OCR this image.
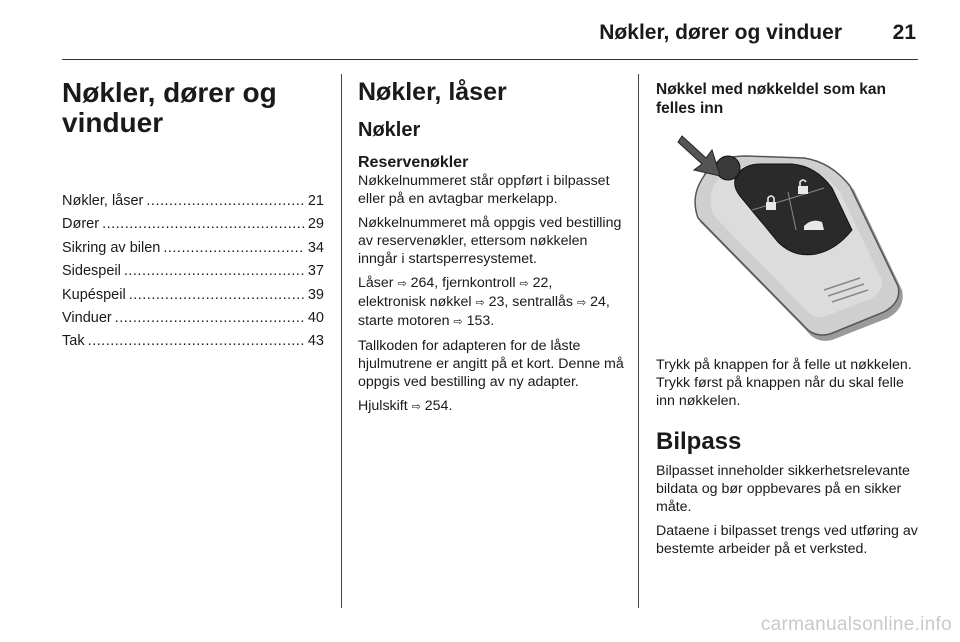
Nøkler, dører og vinduer 21
Nøkler, dører og
vinduer
Nøkler, låser .....	21
Dører .....	29
Sikring av bilen .....	34
Sidespeil .....	37
Kupéspeil .....	39
Vinduer .....	40
Tak .....	43
Nøkler, låser
Nøkler
Reservenøkler

Nøkkelnummeret står oppført i bilpasset eller på en avtagbar merkelapp.

Nøkkelnummeret må oppgis ved bestilling av reservenøkler, ettersom nøkkelen inngår i startsperresystemet.

Låser ⇨ 264, fjernkontroll ⇨ 22, elektronisk nøkkel ⇨ 23, sentrallås ⇨ 24, starte motoren ⇨ 153.

Tallkoden for adapteren for de låste hjulmutrene er angitt på et kort. Denne må oppgis ved bestilling av ny adapter.

Hjulskift ⇨ 254.

Nøkkel med nøkkeldel som kan felles inn

Trykk på knappen for å felle ut nøkkelen. Trykk først på knappen når du skal felle inn nøkkelen.

Bilpass

Bilpasset inneholder sikkerhetsrelevante bildata og bør oppbevares på en sikker måte.

Dataene i bilpasset trengs ved utføring av bestemte arbeider på et verksted.

carmanualsonline.info
